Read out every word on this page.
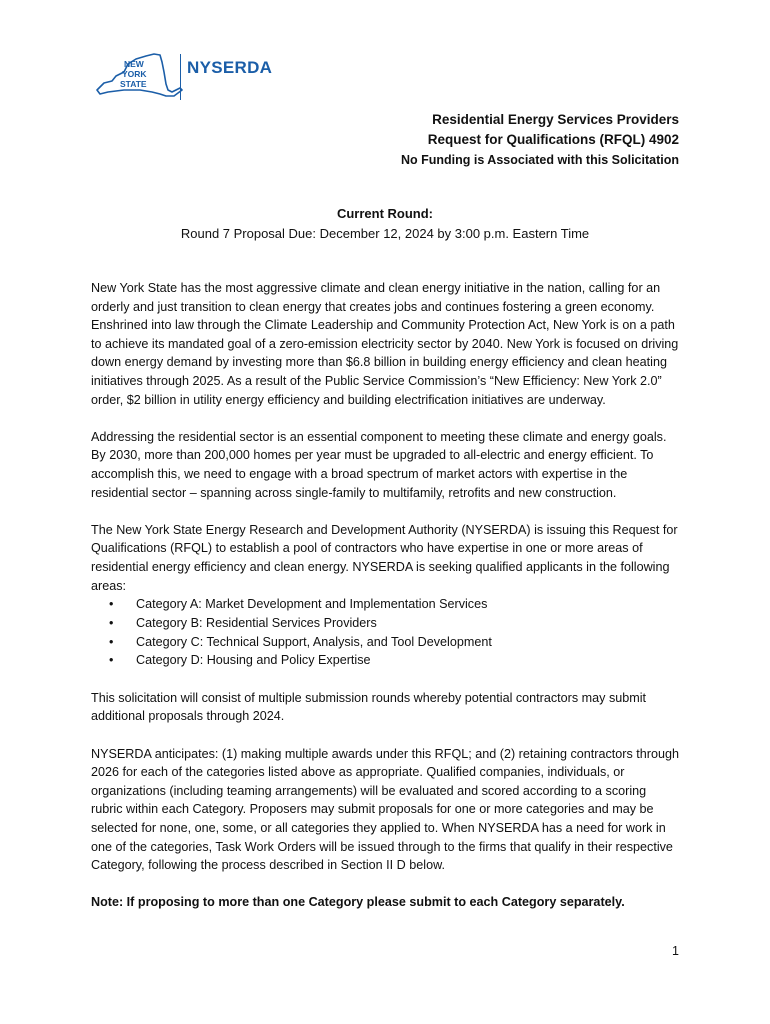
NEW
YORK
STATE
NYSERDA
Residential Energy Services Providers
Request for Qualifications (RFQL) 4902
No Funding is Associated with this Solicitation
Current Round:
Round 7 Proposal Due: December 12, 2024 by 3:00 p.m. Eastern Time

New York State has the most aggressive climate and clean energy initiative in the nation, calling for an orderly and just transition to clean energy that creates jobs and continues fostering a green economy. Enshrined into law through the Climate Leadership and Community Protection Act, New York is on a path to achieve its mandated goal of a zero-emission electricity sector by 2040. New York is focused on driving down energy demand by investing more than $6.8 billion in building energy efficiency and clean heating initiatives through 2025. As a result of the Public Service Commission’s “New Efficiency: New York 2.0” order, $2 billion in utility energy efficiency and building electrification initiatives are underway.

Addressing the residential sector is an essential component to meeting these climate and energy goals. By 2030, more than 200,000 homes per year must be upgraded to all-electric and energy efficient. To accomplish this, we need to engage with a broad spectrum of market actors with expertise in the residential sector – spanning across single-family to multifamily, retrofits and new construction.

The New York State Energy Research and Development Authority (NYSERDA) is issuing this Request for Qualifications (RFQL) to establish a pool of contractors who have expertise in one or more areas of residential energy efficiency and clean energy. NYSERDA is seeking qualified applicants in the following areas:

• Category A: Market Development and Implementation Services
• Category B: Residential Services Providers
• Category C: Technical Support, Analysis, and Tool Development
• Category D: Housing and Policy Expertise

This solicitation will consist of multiple submission rounds whereby potential contractors may submit additional proposals through 2024.

NYSERDA anticipates: (1) making multiple awards under this RFQL; and (2) retaining contractors through 2026 for each of the categories listed above as appropriate. Qualified companies, individuals, or organizations (including teaming arrangements) will be evaluated and scored according to a scoring rubric within each Category. Proposers may submit proposals for one or more categories and may be selected for none, one, some, or all categories they applied to. When NYSERDA has a need for work in one of the categories, Task Work Orders will be issued through to the firms that qualify in their respective Category, following the process described in Section II D below.

Note: If proposing to more than one Category please submit to each Category separately.

1
